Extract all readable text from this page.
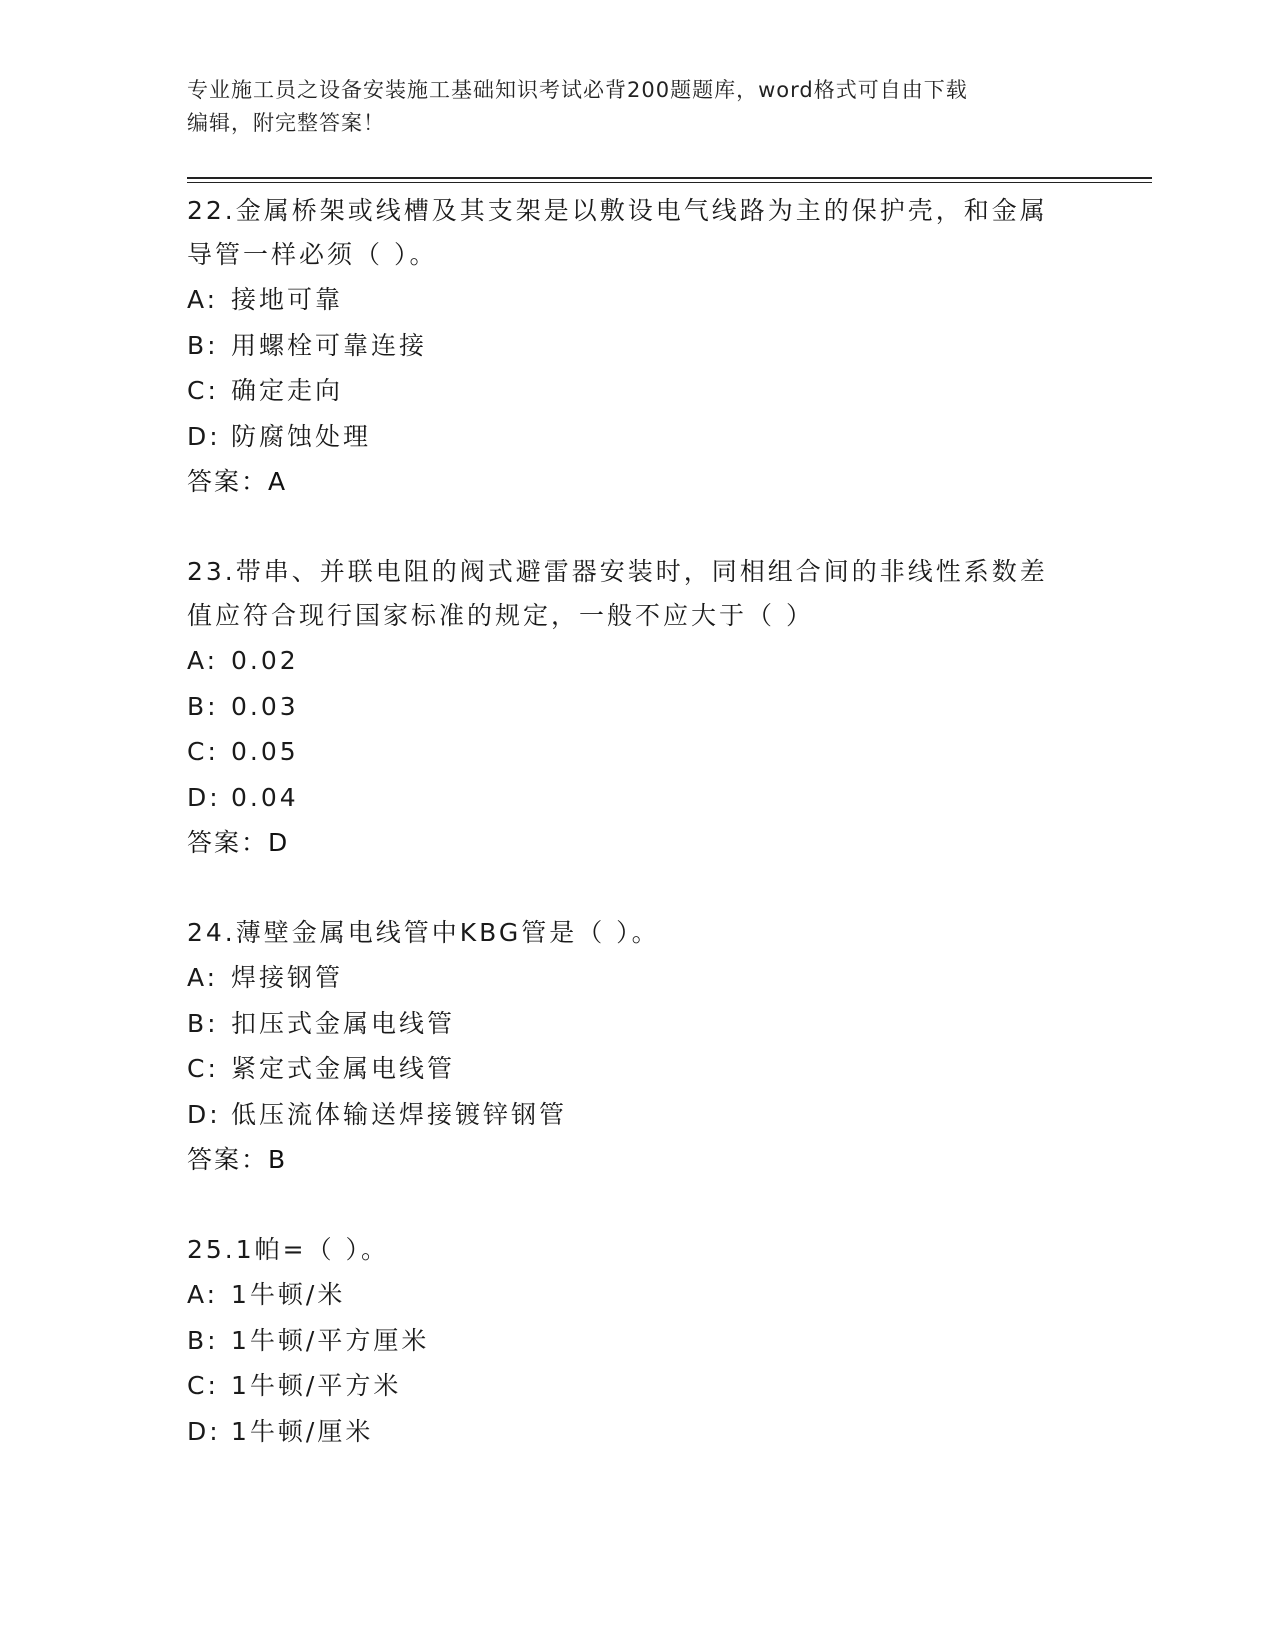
专业施工员之设备安装施工基础知识考试必背200题题库，word格式可自由下载
编辑，附完整答案！
22.金属桥架或线槽及其支架是以敷设电气线路为主的保护壳，和金属
导管一样必须（ ）。
A: 接地可靠
B: 用螺栓可靠连接
C: 确定走向
D: 防腐蚀处理
答案：A
23.带串、并联电阻的阀式避雷器安装时，同相组合间的非线性系数差
值应符合现行国家标准的规定，一般不应大于（ ）
A: 0.02
B: 0.03
C: 0.05
D: 0.04
答案：D
24.薄壁金属电线管中KBG管是（ ）。
A: 焊接钢管
B: 扣压式金属电线管
C: 紧定式金属电线管
D: 低压流体输送焊接镀锌钢管
答案：B
25.1帕=（ ）。
A: 1牛顿/米
B: 1牛顿/平方厘米
C: 1牛顿/平方米
D: 1牛顿/厘米
